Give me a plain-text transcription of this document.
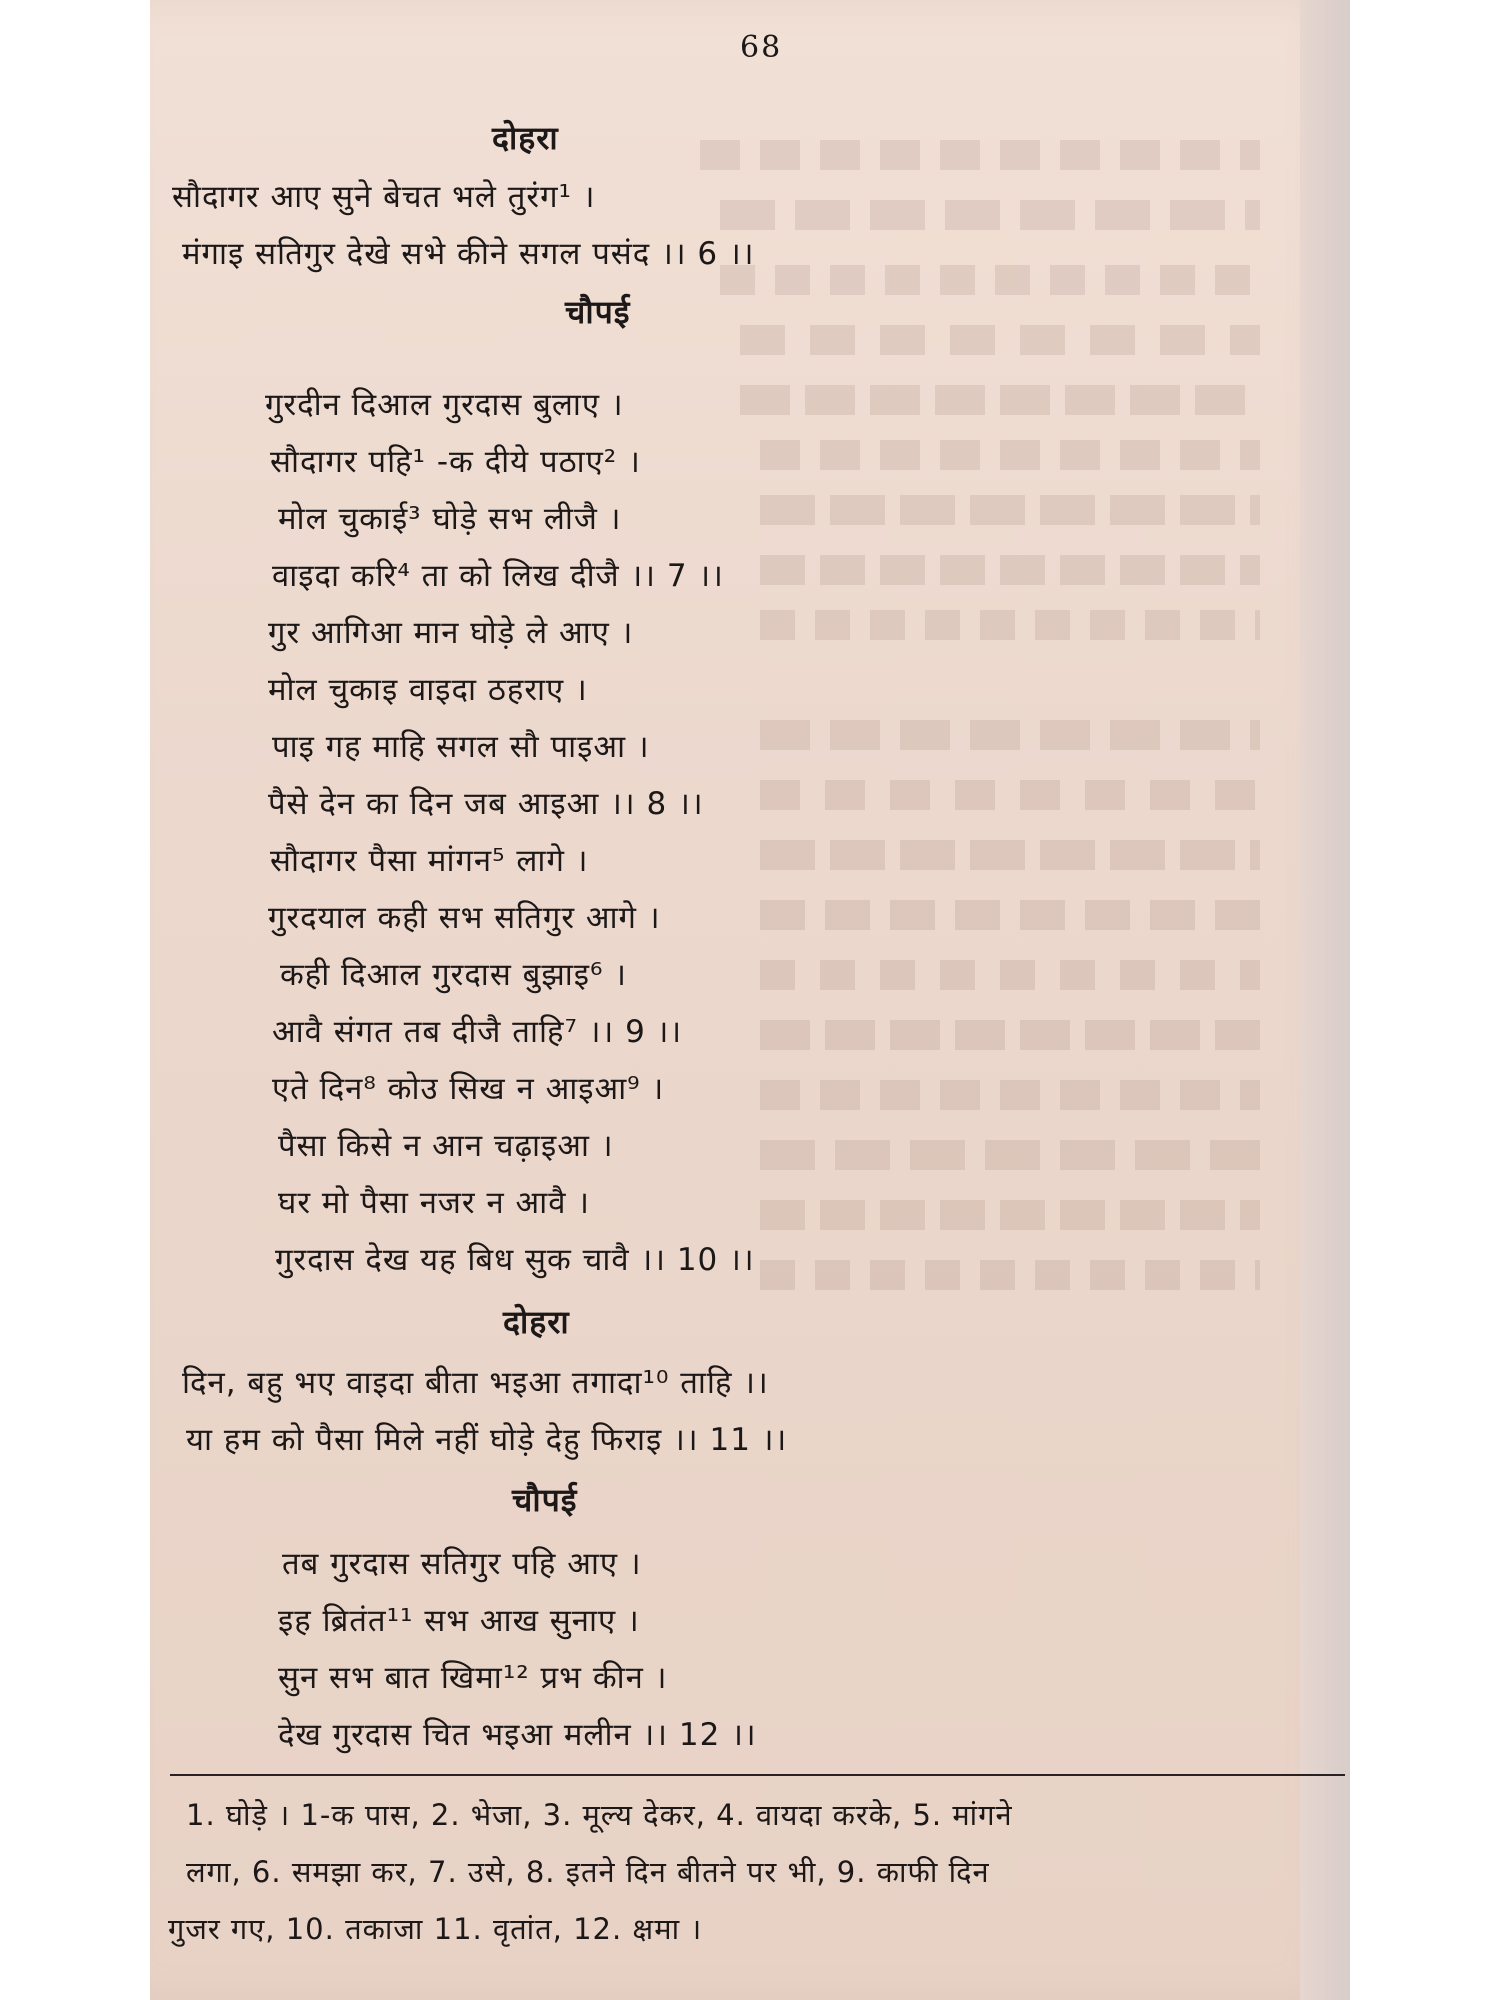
68
दोहरा
सौदागर आए सुने बेचत भले तुरंग¹ ।
मंगाइ सतिगुर देखे सभे कीने सगल पसंद ।। 6 ।।
चौपई
गुरदीन दिआल गुरदास बुलाए ।
सौदागर पहि¹ -क दीये पठाए² ।
मोल चुकाई³ घोड़े सभ लीजै ।
वाइदा करि⁴ ता को लिख दीजै ।। 7 ।।
गुर आगिआ मान घोड़े ले आए ।
मोल चुकाइ वाइदा ठहराए ।
पाइ गह माहि सगल सौ पाइआ ।
पैसे देन का दिन जब आइआ ।। 8 ।।
सौदागर पैसा मांगन⁵ लागे ।
गुरदयाल कही सभ सतिगुर आगे ।
कही दिआल गुरदास बुझाइ⁶ ।
आवै संगत तब दीजै ताहि⁷ ।। 9 ।।
एते दिन⁸ कोउ सिख न आइआ⁹ ।
पैसा किसे न आन चढ़ाइआ ।
घर मो पैसा नजर न आवै ।
गुरदास देख यह बिध सुक चावै ।। 10 ।।
दोहरा
दिन, बहु भए वाइदा बीता भइआ तगादा¹⁰ ताहि ।।
या हम को पैसा मिले नहीं घोड़े देहु फिराइ ।। 11 ।।
चौपई
तब गुरदास सतिगुर पहि आए ।
इह ब्रितंत¹¹ सभ आख सुनाए ।
सुन सभ बात खिमा¹² प्रभ कीन ।
देख गुरदास चित भइआ मलीन ।। 12 ।।
1. घोड़े । 1-क पास, 2. भेजा, 3. मूल्य देकर, 4. वायदा करके, 5. मांगने
लगा, 6. समझा कर, 7. उसे, 8. इतने दिन बीतने पर भी, 9. काफी दिन
गुजर गए, 10. तकाजा 11. वृतांत, 12. क्षमा ।
